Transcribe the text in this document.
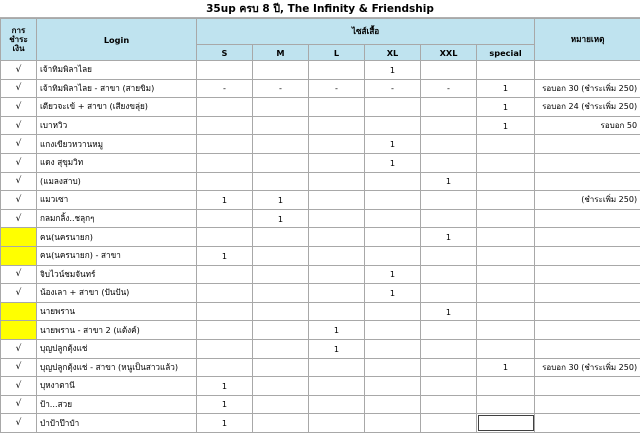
35up ครบ 8 ปี, The Infinity & Friendship
การ ชำระ เงิน	Login	ไซส์เสื้อ						หมายเหตุ
		S	M	L	XL	XXL	special	
√	เจ้าทิมพิลาไลย				1			
√	เจ้าทิมพิลาไลย - สาขา (สายขิม)	-	-	-	-	-	1	รอบอก 30 (ชำระเพิ่ม 250)
√	เตียวจะเข้ + สาขา (เสียงขลุ่ย)						1	รอบอก 24 (ชำระเพิ่ม 250)
√	เบาหวิว						1	รอบอก 50
√	แกงเขียวหวานหมู				1			
√	แดง สุขุมวิท				1			
√	(แมลงสาบ)					1		
√	แมวเซา	1	1					(ชำระเพิ่ม 250)
√	กลมกลิ้ง..ชลุกๆ		1					
	ฅน(นครนายก)					1		
	ฅน(นครนายก) - สาขา	1						
√	จิบไวน์ชมจันทร์				1			
√	น้องเลา + สาขา (ปันปัน)				1			
	นายพราน					1		
	นายพราน - สาขา 2 (แต้งค์)			1				
√	บุญปลูกตุ้งแช่			1				
√	บุญปลูกตุ้งแช่ - สาขา (หนูเป็นสาวแล้ว)						1	รอบอก 30 (ชำระเพิ่ม 250)
√	บุหงาตานี	1						
√	ป้า...สวย	1						
√	ป่าป้าป๊าป๋า	1						
